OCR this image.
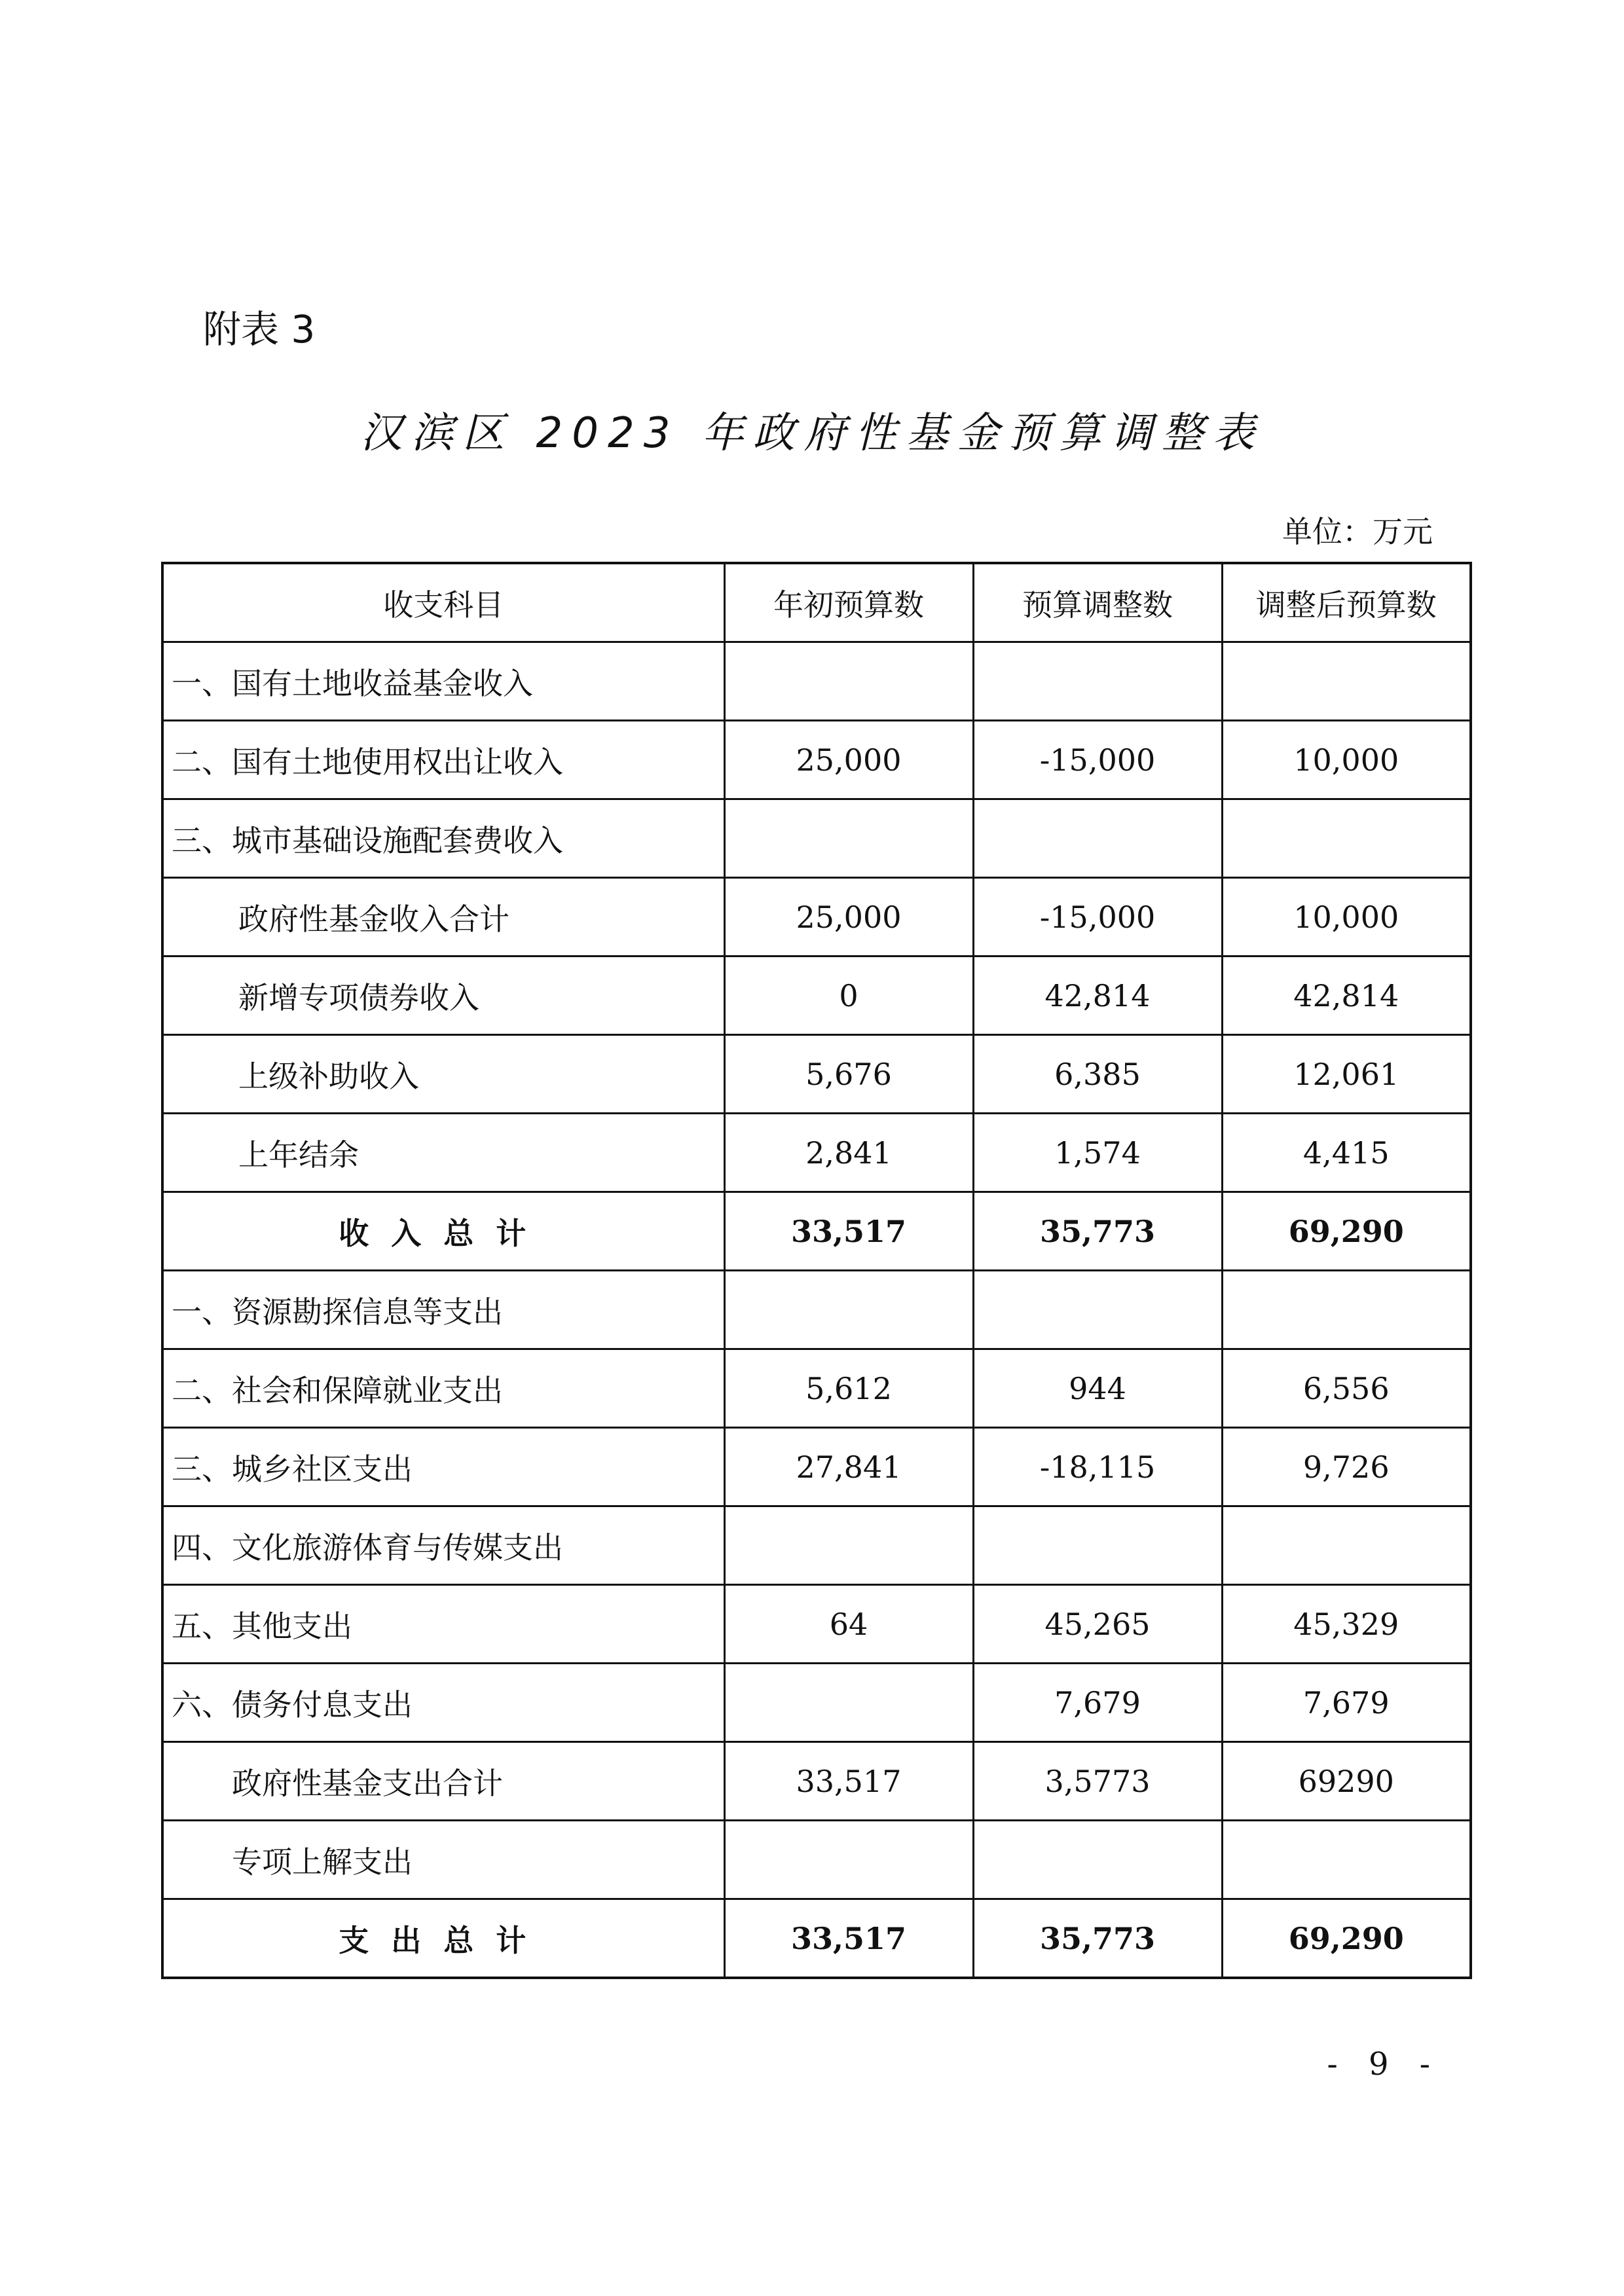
附表 3
汉滨区 2023 年政府性基金预算调整表
单位：万元
收支科目	年初预算数	预算调整数	调整后预算数
一、国有土地收益基金收入			
二、国有土地使用权出让收入	25,000	-15,000	10,000
三、城市基础设施配套费收入			
政府性基金收入合计	25,000	-15,000	10,000
新增专项债券收入	0	42,814	42,814
上级补助收入	5,676	6,385	12,061
上年结余	2,841	1,574	4,415
收入总计	33,517	35,773	69,290
一、资源勘探信息等支出			
二、社会和保障就业支出	5,612	944	6,556
三、城乡社区支出	27,841	-18,115	9,726
四、文化旅游体育与传媒支出			
五、其他支出	64	45,265	45,329
六、债务付息支出		7,679	7,679
政府性基金支出合计	33,517	3,5773	69290
专项上解支出			
支出总计	33,517	35,773	69,290
- 9 -
